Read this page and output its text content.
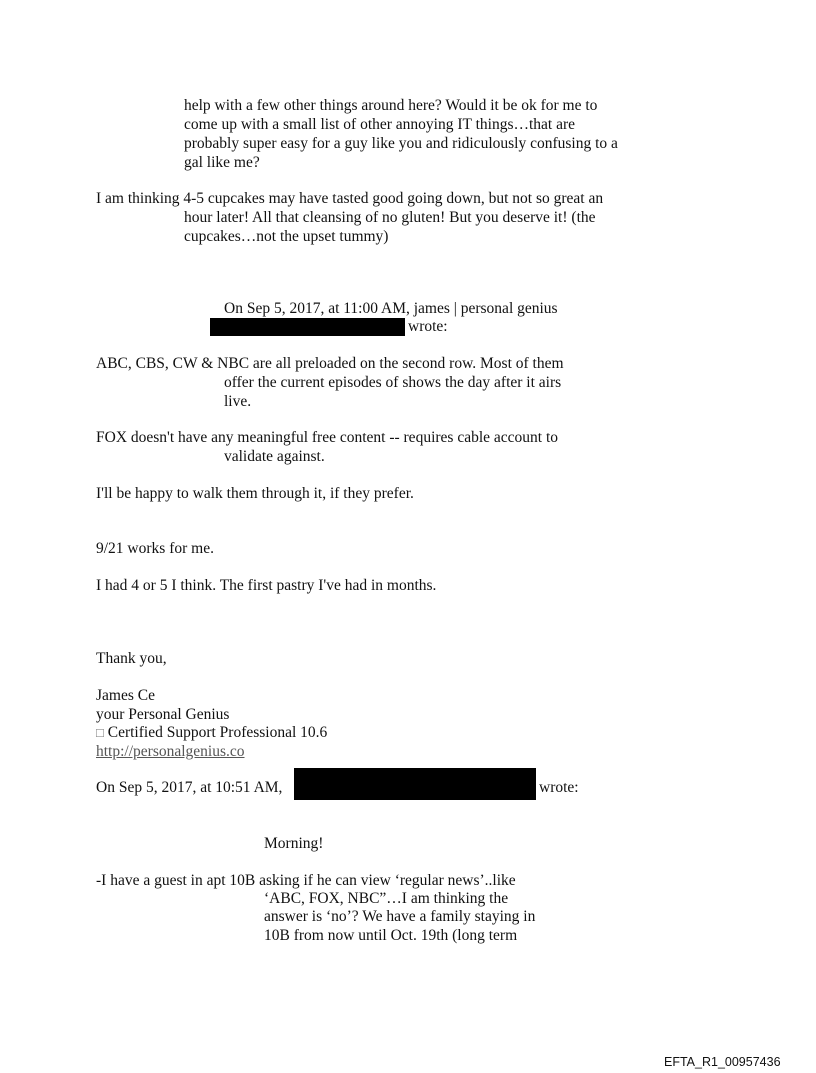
help with a few other things around here? Would it be ok for me to
come up with a small list of other annoying IT things…that are
probably super easy for a guy like you and ridiculously confusing to a
gal like me?
I am thinking 4-5 cupcakes may have tasted good going down, but not so great an
hour later! All that cleansing of no gluten! But you deserve it! (the
cupcakes…not the upset tummy)
On Sep 5, 2017, at 11:00 AM, james | personal genius
wrote:
ABC, CBS, CW & NBC are all preloaded on the second row. Most of them
offer the current episodes of shows the day after it airs
live.
FOX doesn't have any meaningful free content -- requires cable account to
validate against.
I'll be happy to walk them through it, if they prefer.
9/21 works for me.
I had 4 or 5 I think. The first pastry I've had in months.
Thank you,
James Ce
your Personal Genius
□ Certified Support Professional 10.6
http://personalgenius.co
On Sep 5, 2017, at 10:51 AM,	wrote:
Morning!
-I have a guest in apt 10B asking if he can view ‘regular news’..like
‘ABC, FOX, NBC”…I am thinking the
answer is ‘no’? We have a family staying in
10B from now until Oct. 19th (long term
EFTA_R1_00957436
